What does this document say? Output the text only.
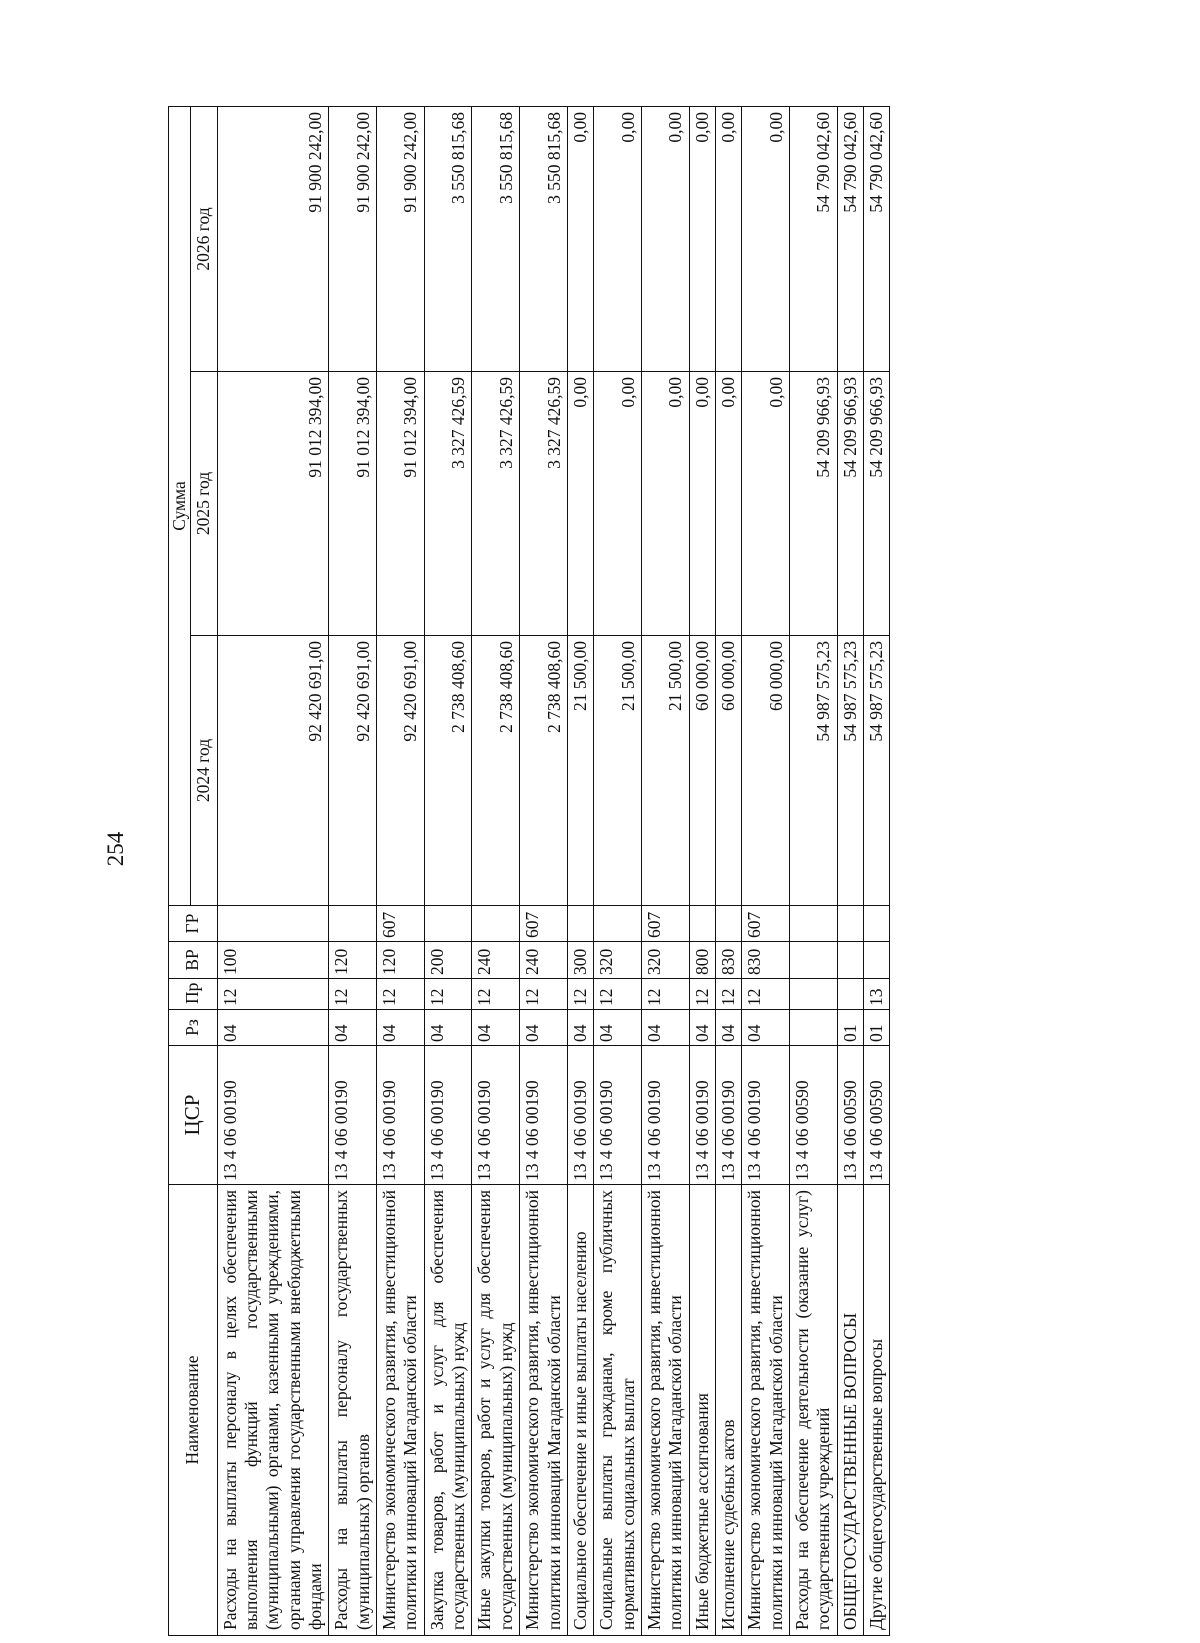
254
Наименование	ЦСР	Рз	Пр	ВР	ГР	Сумма		
						2024 год	2025 год	2026 год
Расходы на выплаты персоналу в целях обеспечения выполнения функций государственными (муниципальными) органами, казенными учреждениями, органами управления государственными внебюджетными фондами	13 4 06 00190	04	12	100		92 420 691,00	91 012 394,00	91 900 242,00
Расходы на выплаты персоналу государственных (муниципальных) органов	13 4 06 00190	04	12	120		92 420 691,00	91 012 394,00	91 900 242,00
Министерство экономического развития, инвестиционной политики и инноваций Магаданской области	13 4 06 00190	04	12	120	607	92 420 691,00	91 012 394,00	91 900 242,00
Закупка товаров, работ и услуг для обеспечения государственных (муниципальных) нужд	13 4 06 00190	04	12	200		2 738 408,60	3 327 426,59	3 550 815,68
Иные закупки товаров, работ и услуг для обеспечения государственных (муниципальных) нужд	13 4 06 00190	04	12	240		2 738 408,60	3 327 426,59	3 550 815,68
Министерство экономического развития, инвестиционной политики и инноваций Магаданской области	13 4 06 00190	04	12	240	607	2 738 408,60	3 327 426,59	3 550 815,68
Социальное обеспечение и иные выплаты населению	13 4 06 00190	04	12	300		21 500,00	0,00	0,00
Социальные выплаты гражданам, кроме публичных нормативных социальных выплат	13 4 06 00190	04	12	320		21 500,00	0,00	0,00
Министерство экономического развития, инвестиционной политики и инноваций Магаданской области	13 4 06 00190	04	12	320	607	21 500,00	0,00	0,00
Иные бюджетные ассигнования	13 4 06 00190	04	12	800		60 000,00	0,00	0,00
Исполнение судебных актов	13 4 06 00190	04	12	830		60 000,00	0,00	0,00
Министерство экономического развития, инвестиционной политики и инноваций Магаданской области	13 4 06 00190	04	12	830	607	60 000,00	0,00	0,00
Расходы на обеспечение деятельности (оказание услуг) государственных учреждений	13 4 06 00590					54 987 575,23	54 209 966,93	54 790 042,60
ОБЩЕГОСУДАРСТВЕННЫЕ ВОПРОСЫ	13 4 06 00590	01				54 987 575,23	54 209 966,93	54 790 042,60
Другие общегосударственные вопросы	13 4 06 00590	01	13			54 987 575,23	54 209 966,93	54 790 042,60
